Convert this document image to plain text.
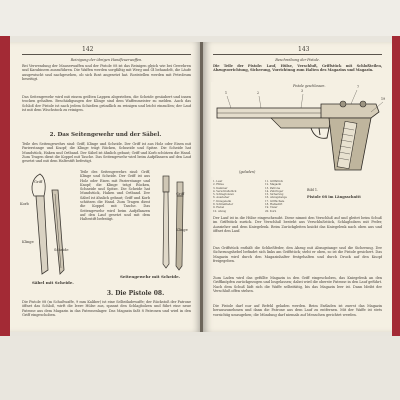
142
Reinigung der übrigen Handfeuerwaffen.
Bei Verwendung der Mauserwaffen und der Pistole 08 ist das Reinigen gleich wie bei Gewehren und Karabinern auszuführen. Die Waffen werden sorgfältig mit Werg und Öl behandelt, die Läufe ausgewischt und nachgesehen, ob sich Rost angesetzt hat. Roststellen werden mit Petroleum beseitigt.
Das Seitengewehr wird mit einem geölten Lappen abgerieben, die Scheide gesäubert und innen trocken gehalten. Beschädigungen der Klinge sind dem Waffenmeister zu melden. Auch das Schloß der Pistole ist nach jedem Schießen gründlich zu reinigen und leicht einzuölen; der Lauf ist mit dem Wischstock zu reinigen.
2. Das Seitengewehr und der Säbel.
Teile des Seitengewehrs sind: Griff, Klinge und Scheide. Der Griff ist aus Holz oder Eisen mit Parierstange und Knopf; die Klinge trägt Rücken, Schneide und Spitze. Die Scheide hat Mundstück, Haken und Ortband. Der Säbel ist ähnlich gebaut; Griff und Korb schützen die Hand. Zum Tragen dient die Koppel mit Tasche. Das Seitengewehr wird beim Aufpflanzen auf den Lauf gesetzt und mit dem Haltestift befestigt.
Griff
Korb
Klinge
Scheide
Teile des Seitengewehrs sind: Griff, Klinge und Scheide. Der Griff ist aus Holz oder Eisen mit Parierstange und Knopf; die Klinge trägt Rücken, Schneide und Spitze. Die Scheide hat Mundstück, Haken und Ortband. Der Säbel ist ähnlich gebaut; Griff und Korb schützen die Hand. Zum Tragen dient die Koppel mit Tasche. Das Seitengewehr wird beim Aufpflanzen auf den Lauf gesetzt und mit dem Haltestift befestigt.
Griff
Klinge
Säbel mit Scheide.
Seitengewehr mit Scheide.
3. Die Pistole 08.
Die Pistole 08 (m Schußwaffe, 9 mm Kaliber) ist eine Selbstladewaffe; der Rückstoß der Patrone öffnet das Schloß, wirft die leere Hülse aus, spannt den Schlagbolzen und führt eine neue Patrone aus dem Magazin in das Patronenlager. Das Magazin faßt 8 Patronen und wird in den Griff eingeschoben.
143
Beschreibung der Pistole.
Die Teile der Pistole: Lauf, Hülse, Verschluß, Griffstück mit Schloßteilen, Abzugvorrichtung, Sicherung, Vorrichtung zum Halten des Magazins und Magazin.
1	2	3
7
19
Pistole geschlossen.
(geladen)
1. Lauf
2. Hülse
3. Kammer
4. Verschlußstück
5. Schlagbolzen
6. Auszieher
7. Kniegelenk
8. Schließfeder
9. Hebel
10. Abzug
11. Griffstück
12. Magazin
13. Patrone
14. Zubringer
15. Sicherung
16. Abzugstange
17. Griffschale
18. Haltestift
19. Visier
20. Korn
Bild 1.
Pistole 08 im Längsschnitt
Der Lauf ist in die Hülse eingeschraubt. Diese nimmt den Verschluß auf und gleitet beim Schuß im Griffstück zurück. Der Verschluß besteht aus Verschlußstück, Schlagbolzen mit Feder, Auszieher und dem Kniegelenk. Beim Zurückgleiten knickt das Kniegelenk nach oben aus und öffnet den Lauf.
Das Griffstück enthält die Schließfeder, den Abzug mit Abzugstange und die Sicherung. Der Sicherungshebel befindet sich links am Griffstück; steht er oben, so ist die Pistole gesichert. Das Magazin wird durch den Magazinhalter festgehalten und durch Druck auf den Knopf freigegeben.
Zum Laden wird das gefüllte Magazin in den Griff eingeschoben, das Kniegelenk an den Griffknöpfen zurückgezogen und losgelassen; dabei wird die oberste Patrone in den Lauf geführt. Nach dem Schuß lädt sich die Waffe selbsttätig, bis das Magazin leer ist. Dann bleibt der Verschluß offen stehen.
Die Pistole darf nur auf Befehl geladen werden. Beim Entladen ist zuerst das Magazin herauszunehmen und dann die Patrone aus dem Lauf zu entfernen. Mit der Waffe ist stets vorsichtig umzugehen; die Mündung darf niemals auf Menschen gerichtet werden.
